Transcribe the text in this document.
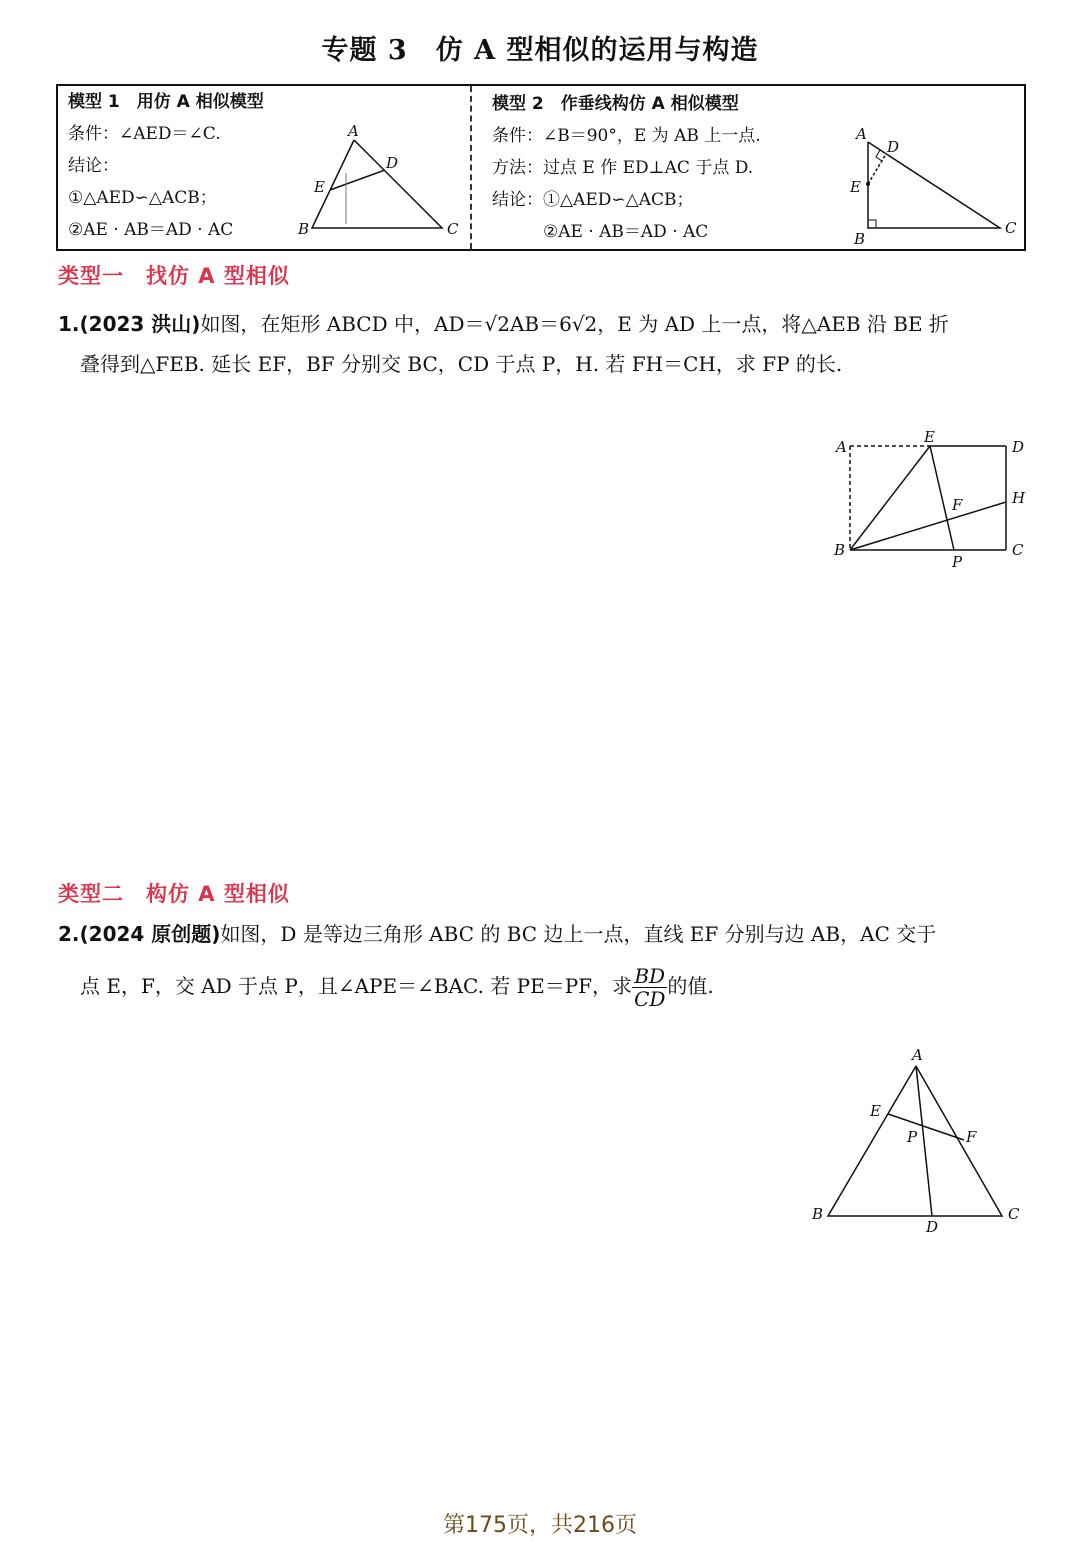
专题 3　仿 A 型相似的运用与构造
模型 1　用仿 A 相似模型
条件：∠AED＝∠C.
结论：
①△AED∽△ACB；
②AE · AB＝AD · AC
A
B	C
D
E
模型 2　作垂线构仿 A 相似模型
条件：∠B＝90°，E 为 AB 上一点.
方法：过点 E 作 ED⊥AC 于点 D.
结论：①△AED∽△ACB；
②AE · AB＝AD · AC
A
B
C
D
E
类型一　找仿 A 型相似
1.(2023 洪山)如图，在矩形 ABCD 中，AD＝√2AB＝6√2，E 为 AD 上一点，将△AEB 沿 BE 折
叠得到△FEB. 延长 EF，BF 分别交 BC，CD 于点 P，H. 若 FH＝CH，求 FP 的长.
A
E
D
H
F
C
B
P
类型二　构仿 A 型相似
2.(2024 原创题)如图，D 是等边三角形 ABC 的 BC 边上一点，直线 EF 分别与边 AB，AC 交于
点 E，F，交 AD 于点 P，且∠APE＝∠BAC. 若 PE＝PF，求 $\frac{BD}{CD}$ 的值.
A
E
P	F
B	C
D
第175页，共216页
